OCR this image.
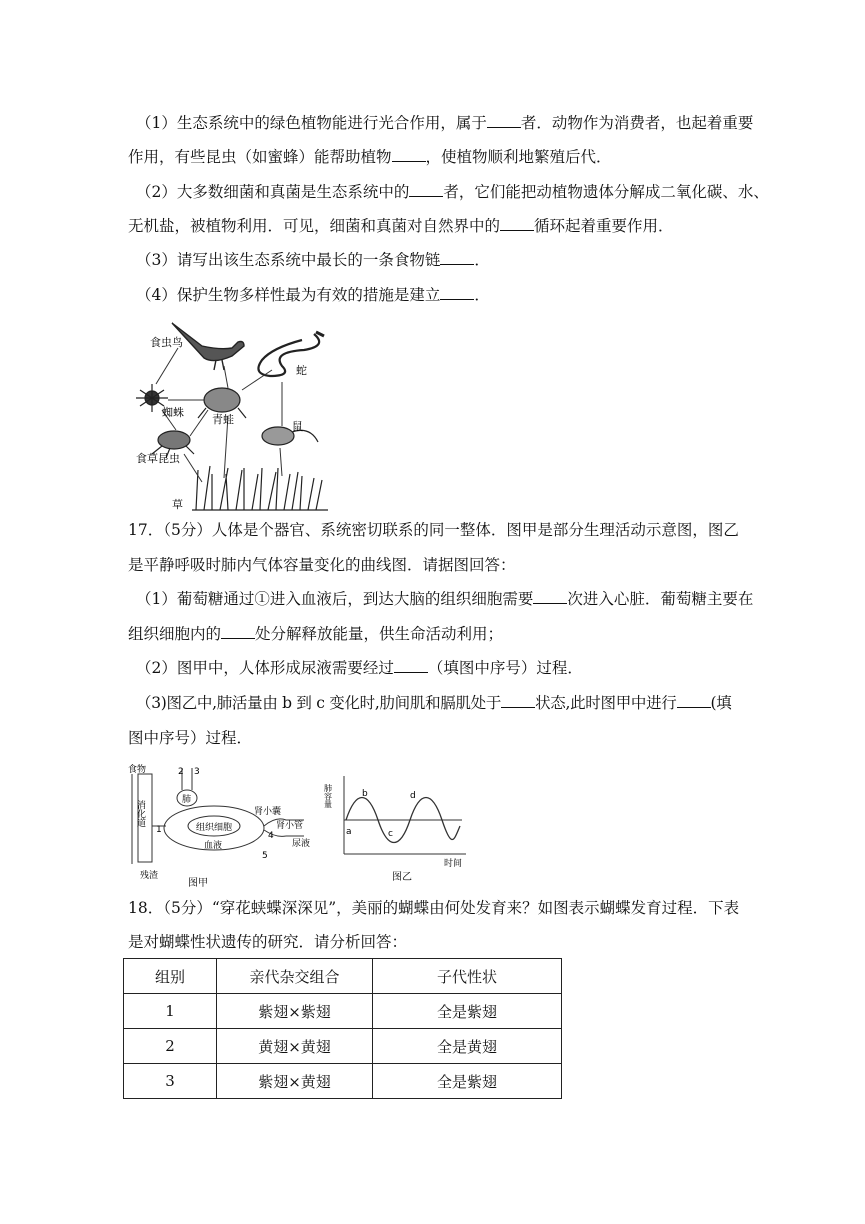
（1）生态系统中的绿色植物能进行光合作用，属于 者．动物作为消费者，也起着重要
作用，有些昆虫（如蜜蜂）能帮助植物 ，使植物顺利地繁殖后代．
（2）大多数细菌和真菌是生态系统中的 者，它们能把动植物遗体分解成二氧化碳、水、
无机盐，被植物利用．可见，细菌和真菌对自然界中的 循环起着重要作用．
（3）请写出该生态系统中最长的一条食物链 ．
（4）保护生物多样性最为有效的措施是建立 ．
食虫鸟
蛇
蜘蛛
青蛙
食草昆虫
鼠
草
17．（5分）人体是个器官、系统密切联系的同一整体．图甲是部分生理活动示意图，图乙
是平静呼吸时肺内气体容量变化的曲线图．请据图回答：
（1）葡萄糖通过①进入血液后，到达大脑的组织细胞需要 次进入心脏．葡萄糖主要在
组织细胞内的 处分解释放能量，供生命活动利用；
（2）图甲中，人体形成尿液需要经过 （填图中序号）过程．
（3)图乙中,肺活量由 b 到 c 变化时,肋间肌和膈肌处于 状态,此时图甲中进行 (填
图中序号）过程．
食物
消化道
残渣
肺
组织细胞
血液
肾小囊
肾小管
尿液
1
2 3
4
5
图甲
肺容量
时间
a
b
c
d
图乙
18．（5分）“穿花蛱蝶深深见”，美丽的蝴蝶由何处发育来？如图表示蝴蝶发育过程．下表
是对蝴蝶性状遗传的研究．请分析回答：
组别	亲代杂交组合	子代性状
1	紫翅×紫翅	全是紫翅
2	黄翅×黄翅	全是黄翅
3	紫翅×黄翅	全是紫翅
